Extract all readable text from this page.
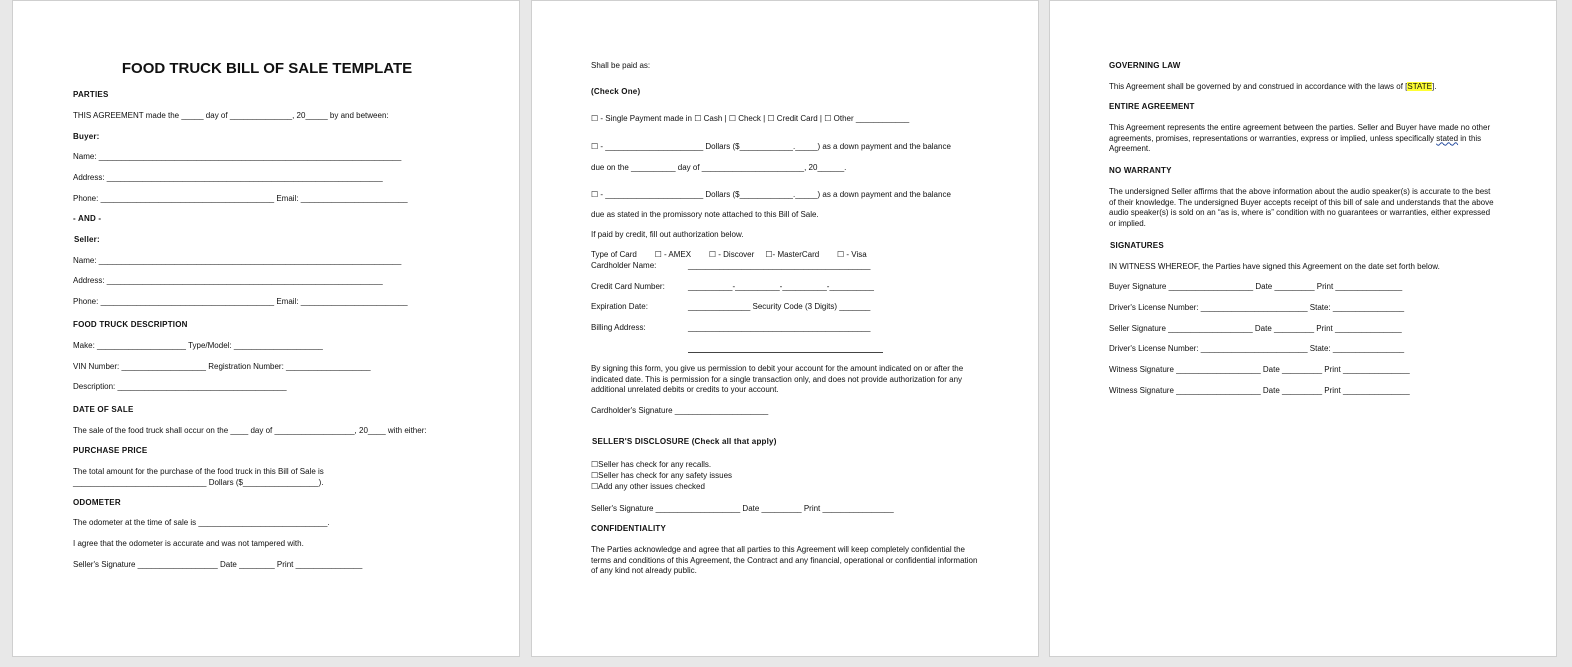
FOOD TRUCK BILL OF SALE TEMPLATE
PARTIES
THIS AGREEMENT made the _____ day of ______________, 20_____ by and between:
Buyer:
Name: ____________________________________________________________________
Address: ______________________________________________________________
Phone: _______________________________________ Email: ________________________
- AND -
Seller:
Name: ____________________________________________________________________
Address: ______________________________________________________________
Phone: _______________________________________ Email: ________________________
FOOD TRUCK DESCRIPTION
Make: ____________________ Type/Model: ____________________
VIN Number: ___________________ Registration Number: ___________________
Description: ______________________________________
DATE OF SALE
The sale of the food truck shall occur on the ____ day of __________________, 20____ with either:
PURCHASE PRICE
The total amount for the purchase of the food truck in this Bill of Sale is
______________________________ Dollars ($_________________).
ODOMETER
The odometer at the time of sale is _____________________________.
I agree that the odometer is accurate and was not tampered with.
Seller's Signature __________________ Date ________ Print _______________
Shall be paid as:
(Check One)
☐ - Single Payment made in ☐ Cash | ☐ Check | ☐ Credit Card | ☐ Other ____________
☐ - ______________________ Dollars ($____________._____) as a down payment and the balance
due on the __________ day of _______________________, 20______.
☐ - ______________________ Dollars ($____________._____) as a down payment and the balance
due as stated in the promissory note attached to this Bill of Sale.
If paid by credit, fill out authorization below.
Type of Card        ☐ - AMEX        ☐ - Discover     ☐- MasterCard        ☐ - Visa
Cardholder Name:	_________________________________________
Credit Card Number:	__________-__________-__________-__________
Expiration Date:	______________ Security Code (3 Digits) _______
Billing Address:	_________________________________________
By signing this form, you give us permission to debit your account for the amount indicated on or after the indicated date. This is permission for a single transaction only, and does not provide authorization for any additional unrelated debits or credits to your account.
Cardholder's Signature _____________________
SELLER'S DISCLOSURE (Check all that apply)
☐Seller has check for any recalls.
☐Seller has check for any safety issues
☐Add any other issues checked
Seller's Signature ___________________ Date _________ Print ________________
CONFIDENTIALITY
The Parties acknowledge and agree that all parties to this Agreement will keep completely confidential the terms and conditions of this Agreement, the Contract and any financial, operational or confidential information of any kind not already public.
GOVERNING LAW
This Agreement shall be governed by and construed in accordance with the laws of [STATE].
ENTIRE AGREEMENT
This Agreement represents the entire agreement between the parties. Seller and Buyer have made no other agreements, promises, representations or warranties, express or implied, unless specifically stated in this Agreement.
NO WARRANTY
The undersigned Seller affirms that the above information about the audio speaker(s) is accurate to the best of their knowledge. The undersigned Buyer accepts receipt of this bill of sale and understands that the above audio speaker(s) is sold on an “as is, where is” condition with no guarantees or warranties, either expressed or implied.
SIGNATURES
IN WITNESS WHEREOF, the Parties have signed this Agreement on the date set forth below.
Buyer Signature ___________________ Date _________ Print _______________
Driver's License Number: ________________________ State: ________________
Seller Signature ___________________ Date _________ Print _______________
Driver's License Number: ________________________ State: ________________
Witness Signature ___________________ Date _________ Print _______________
Witness Signature ___________________ Date _________ Print _______________
